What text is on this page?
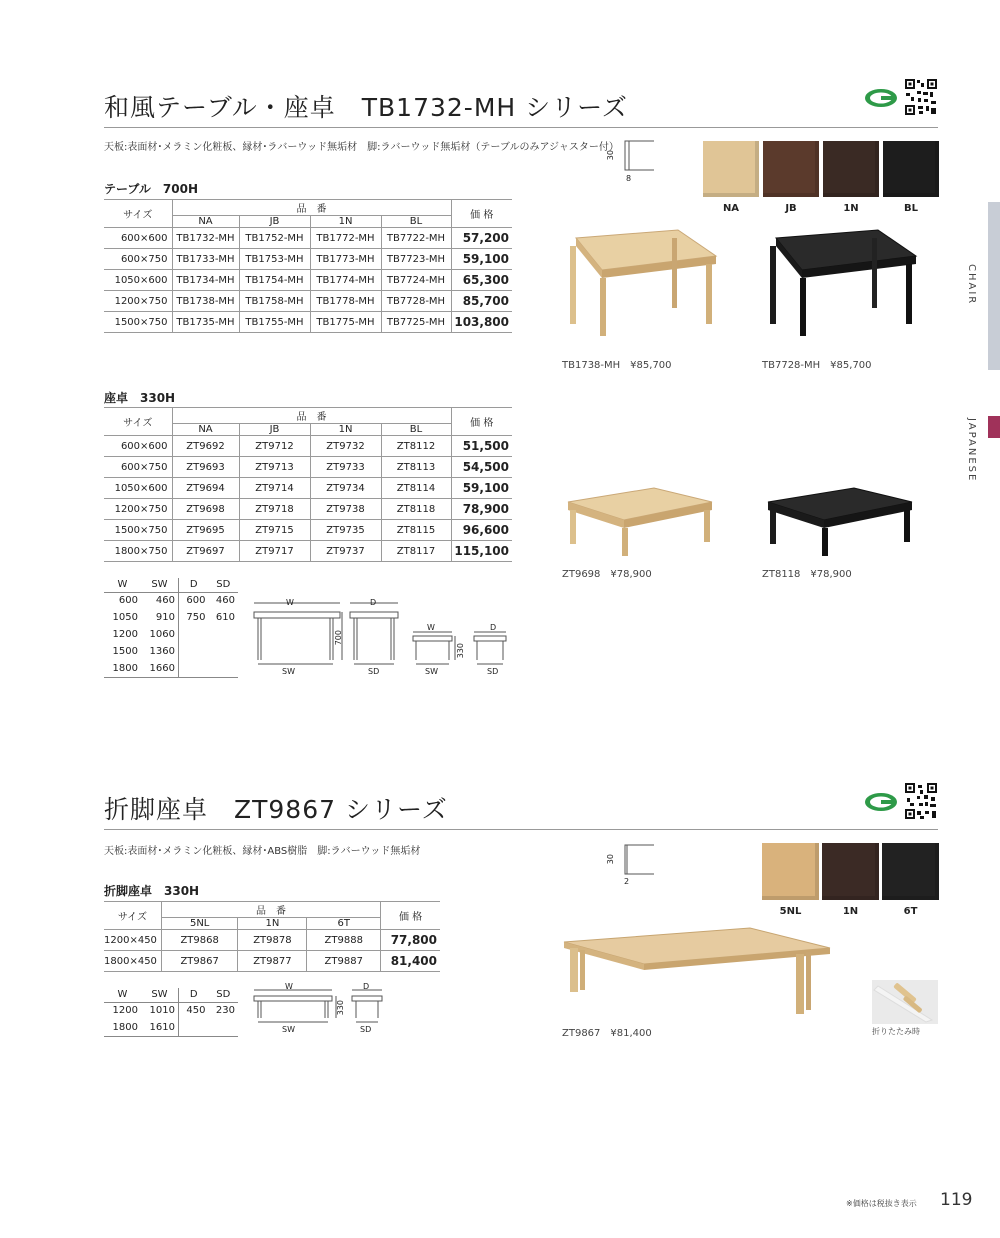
和風テーブル・座卓　TB1732-MH シリーズ
天板:表面材･メラミン化粧板、縁材･ラバーウッド無垢材　脚:ラバーウッド無垢材（テーブルのみアジャスター付）
30
8
NA	JB	1N	BL
テーブル　700H
サイズ	品　番				価 格
	NA	JB	1N	BL	
600×600	TB1732-MH	TB1752-MH	TB1772-MH	TB7722-MH	57,200
600×750	TB1733-MH	TB1753-MH	TB1773-MH	TB7723-MH	59,100
1050×600	TB1734-MH	TB1754-MH	TB1774-MH	TB7724-MH	65,300
1200×750	TB1738-MH	TB1758-MH	TB1778-MH	TB7728-MH	85,700
1500×750	TB1735-MH	TB1755-MH	TB1775-MH	TB7725-MH	103,800
座卓　330H
サイズ	品　番				価 格
	NA	JB	1N	BL	
600×600	ZT9692	ZT9712	ZT9732	ZT8112	51,500
600×750	ZT9693	ZT9713	ZT9733	ZT8113	54,500
1050×600	ZT9694	ZT9714	ZT9734	ZT8114	59,100
1200×750	ZT9698	ZT9718	ZT9738	ZT8118	78,900
1500×750	ZT9695	ZT9715	ZT9735	ZT8115	96,600
1800×750	ZT9697	ZT9717	ZT9737	ZT8117	115,100
W	SW	D	SD
600	460	600	460
1050	910	750	610
1200	1060		
1500	1360		
1800	1660		
W	D
SW	SD
700
W	D
330
SW	SD
TB1738-MH　¥85,700	TB7728-MH　¥85,700
ZT9698　¥78,900	ZT8118　¥78,900
折脚座卓　ZT9867 シリーズ
天板:表面材･メラミン化粧板、縁材･ABS樹脂　脚:ラバーウッド無垢材
30
2
5NL	1N	6T
折脚座卓　330H
サイズ	品　番			価 格
	5NL	1N	6T	
1200×450	ZT9868	ZT9878	ZT9888	77,800
1800×450	ZT9867	ZT9877	ZT9887	81,400
W	SW	D	SD
1200	1010	450	230
1800	1610		
W	D
SW	SD
330
ZT9867　¥81,400	折りたたみ時
CHAIR
JAPANESE
※価格は税抜き表示 119
